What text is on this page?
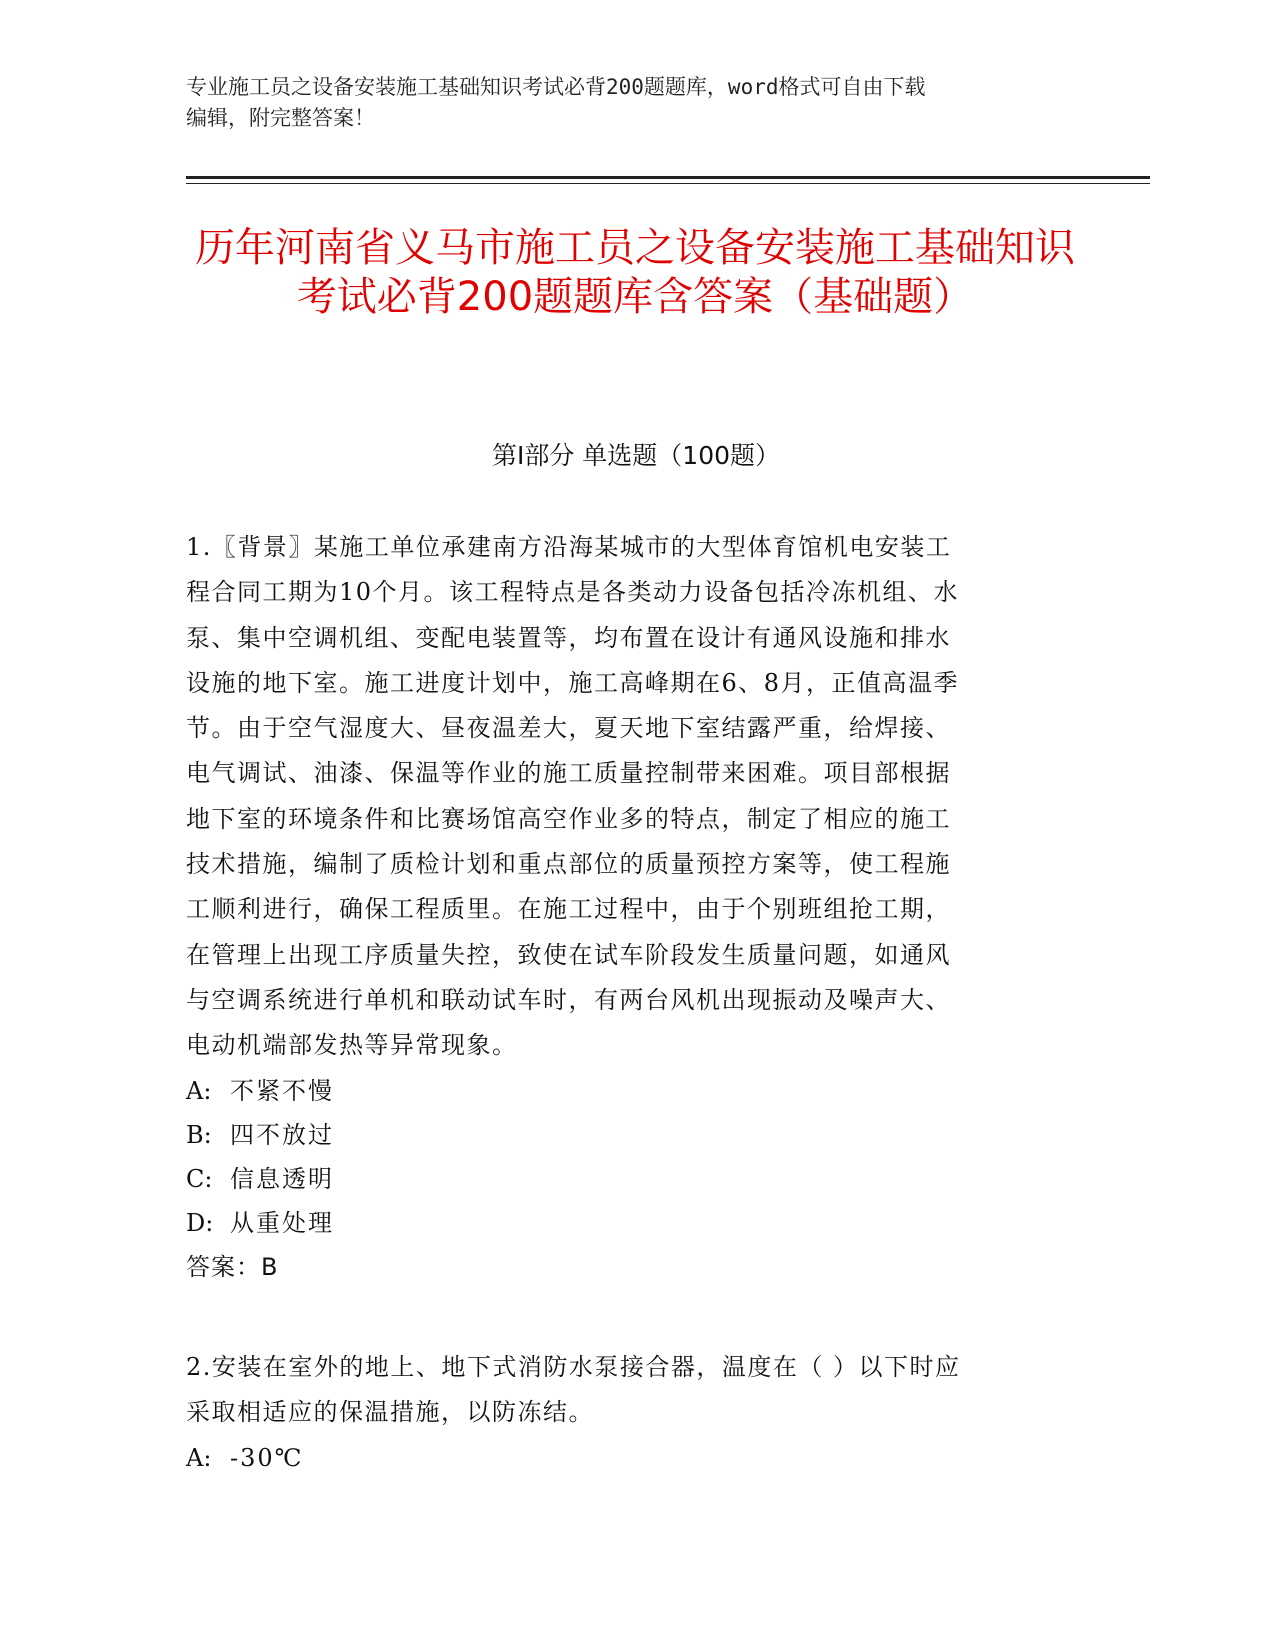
专业施工员之设备安装施工基础知识考试必背200题题库，word格式可自由下载
编辑，附完整答案！
历年河南省义马市施工员之设备安装施工基础知识考试必背200题题库含答案（基础题）
第Ⅰ部分 单选题（100题）
1.〖背景〗某施工单位承建南方沿海某城市的大型体育馆机电安装工
程合同工期为10个月。该工程特点是各类动力设备包括冷冻机组、水
泵、集中空调机组、变配电装置等，均布置在设计有通风设施和排水
设施的地下室。施工进度计划中，施工高峰期在6、8月，正值高温季
节。由于空气湿度大、昼夜温差大，夏天地下室结露严重，给焊接、
电气调试、油漆、保温等作业的施工质量控制带来困难。项目部根据
地下室的环境条件和比赛场馆高空作业多的特点，制定了相应的施工
技术措施，编制了质检计划和重点部位的质量预控方案等，使工程施
工顺利进行，确保工程质里。在施工过程中，由于个别班组抢工期，
在管理上出现工序质量失控，致使在试车阶段发生质量问题，如通风
与空调系统进行单机和联动试车时，有两台风机出现振动及噪声大、
电动机端部发热等异常现象。
A: 不紧不慢
B: 四不放过
C: 信息透明
D: 从重处理
答案：B
2.安装在室外的地上、地下式消防水泵接合器，温度在（ ）以下时应
采取相适应的保温措施，以防冻结。
A: -30℃
